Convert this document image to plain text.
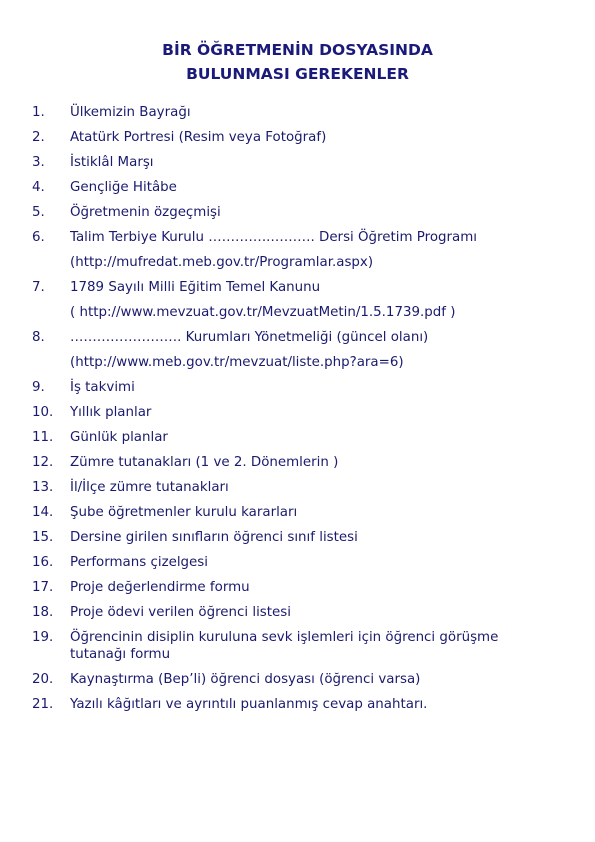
BİR ÖĞRETMENİN DOSYASINDA
BULUNMASI GEREKENLER
1.	Ülkemizin Bayrağı
2.	Atatürk Portresi (Resim veya Fotoğraf)
3.	İstiklâl Marşı
4.	Gençliğe Hitâbe
5.	Öğretmenin özgeçmişi
6.	Talim Terbiye Kurulu …………..………. Dersi Öğretim Programı
(http://mufredat.meb.gov.tr/Programlar.aspx)
7.	1789 Sayılı Milli Eğitim Temel Kanunu
( http://www.mevzuat.gov.tr/MevzuatMetin/1.5.1739.pdf )
8.	……………………. Kurumları Yönetmeliği (güncel olanı)
(http://www.meb.gov.tr/mevzuat/liste.php?ara=6)
9.	İş takvimi
10.	Yıllık planlar
11.	Günlük planlar
12.	Zümre tutanakları (1 ve 2. Dönemlerin )
13.	İl/İlçe zümre tutanakları
14.	Şube öğretmenler kurulu kararları
15.	Dersine girilen sınıfların öğrenci sınıf listesi
16.	Performans çizelgesi
17.	Proje değerlendirme formu
18.	Proje ödevi verilen öğrenci listesi
19.	Öğrencinin disiplin kuruluna sevk işlemleri için öğrenci görüşme
tutanağı formu
20.	Kaynaştırma (Bep’li) öğrenci dosyası (öğrenci varsa)
21.	Yazılı kâğıtları ve ayrıntılı puanlanmış cevap anahtarı.
